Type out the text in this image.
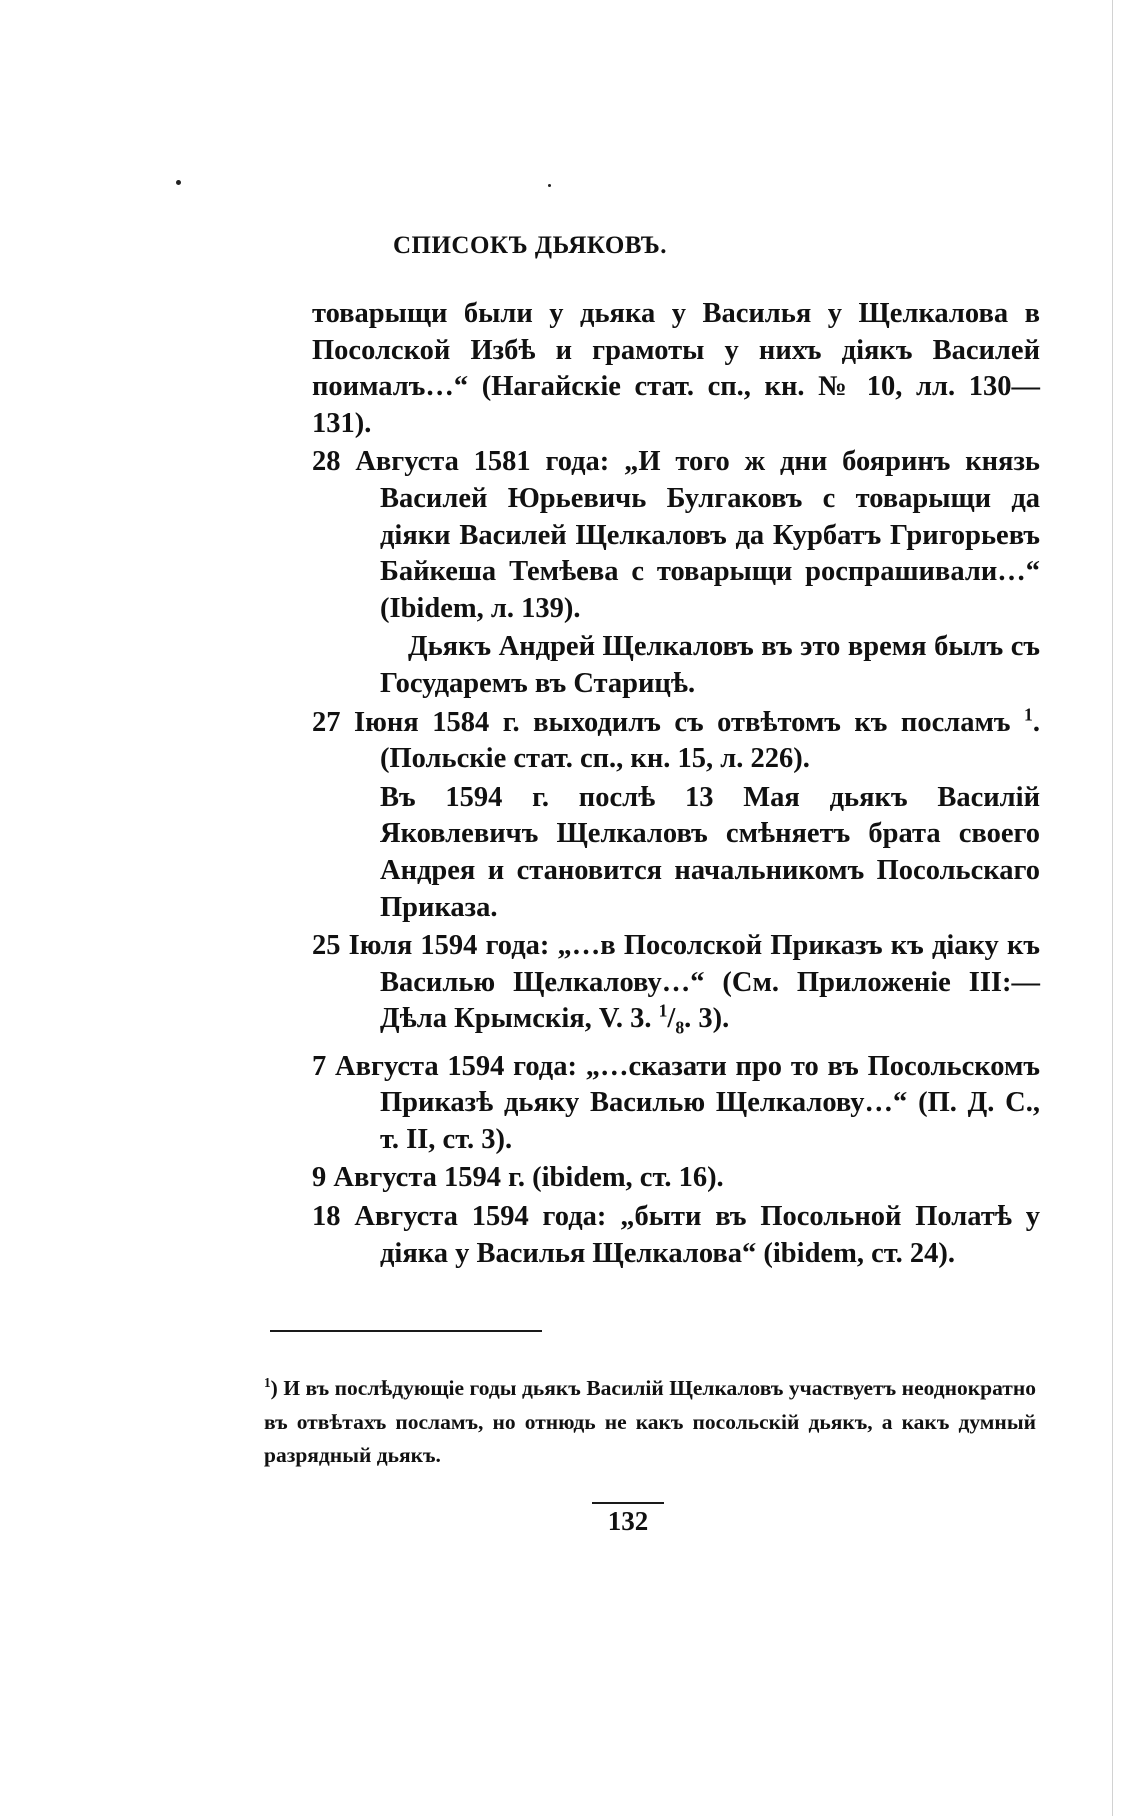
СПИСОКЪ ДЬЯКОВЪ.

товарыщи были у дьяка у Василья у Щелкалова в Посолской Избѣ и грамоты у нихъ діякъ Василей поималъ…“ (Нагайскіе стат. сп., кн. № 10, лл. 130—131).

28 Августа 1581 года: „И того ж дни бояринъ князь Василей Юрьевичь Булгаковъ с товарыщи да діяки Василей Щелкаловъ да Курбатъ Григорьевъ Байкеша Темѣева с товарыщи роспрашивали…“ (Ibidem, л. 139).

Дьякъ Андрей Щелкаловъ въ это время былъ съ Государемъ въ Старицѣ.

27 Іюня 1584 г. выходилъ съ отвѣтомъ къ посламъ $^1$. (Польскіе стат. сп., кн. 15, л. 226).

Въ 1594 г. послѣ 13 Мая дьякъ Василій Яковлевичъ Щелкаловъ смѣняетъ брата своего Андрея и становится начальникомъ Посольскаго Приказа.

25 Іюля 1594 года: „…в Посолской Приказъ къ діаку къ Василью Щелкалову…“ (См. Приложеніе III:—Дѣла Крымскія, V. 3. $^1/_8$. 3).

7 Августа 1594 года: „…сказати про то въ Посольскомъ Приказѣ дьяку Василью Щелкалову…“ (П. Д. С., т. II, ст. 3).

9 Августа 1594 г. (ibidem, ст. 16).

18 Августа 1594 года: „быти въ Посольной Полатѣ у діяка у Василья Щелкалова“ (ibidem, ст. 24).

$^1$) И въ послѣдующіе годы дьякъ Василій Щелкаловъ участвуетъ неоднократно въ отвѣтахъ посламъ, но отнюдь не какъ посольскій дьякъ, а какъ думный разрядный дьякъ.
132
